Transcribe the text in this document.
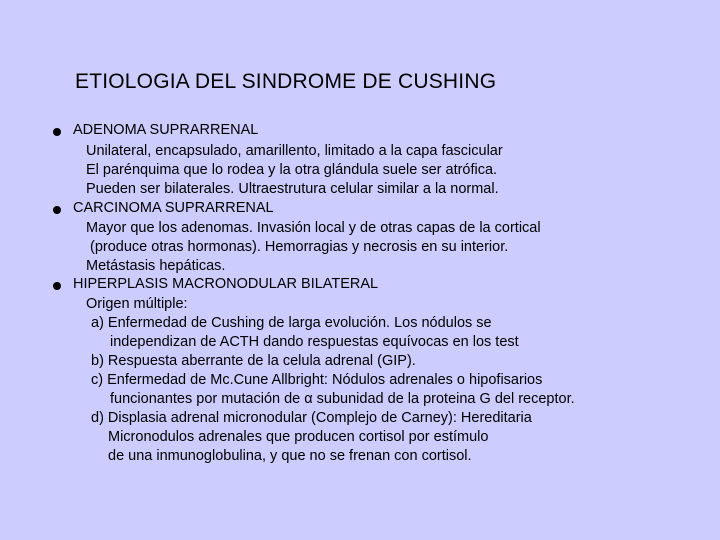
ETIOLOGIA DEL SINDROME DE CUSHING
ADENOMA SUPRARRENAL
Unilateral, encapsulado, amarillento, limitado a la capa fascicular
El parénquima que lo rodea y la otra glándula suele ser atrófica.
Pueden ser bilaterales. Ultraestrutura celular similar a la normal.
CARCINOMA SUPRARRENAL
Mayor que los adenomas. Invasión local y de otras capas de la cortical
(produce otras hormonas). Hemorragias y necrosis en su interior.
Metástasis hepáticas.
HIPERPLASIS MACRONODULAR BILATERAL
Origen múltiple:
a) Enfermedad de Cushing de larga evolución. Los nódulos se
independizan de ACTH dando respuestas equívocas en los test
b) Respuesta aberrante de la celula adrenal (GIP).
c) Enfermedad de Mc.Cune Allbright: Nódulos adrenales o hipofisarios
funcionantes por mutación de α subunidad de la proteina G del receptor.
d) Displasia adrenal micronodular (Complejo de Carney): Hereditaria
Micronodulos adrenales que producen cortisol por estímulo
de una inmunoglobulina, y que no se frenan con cortisol.
